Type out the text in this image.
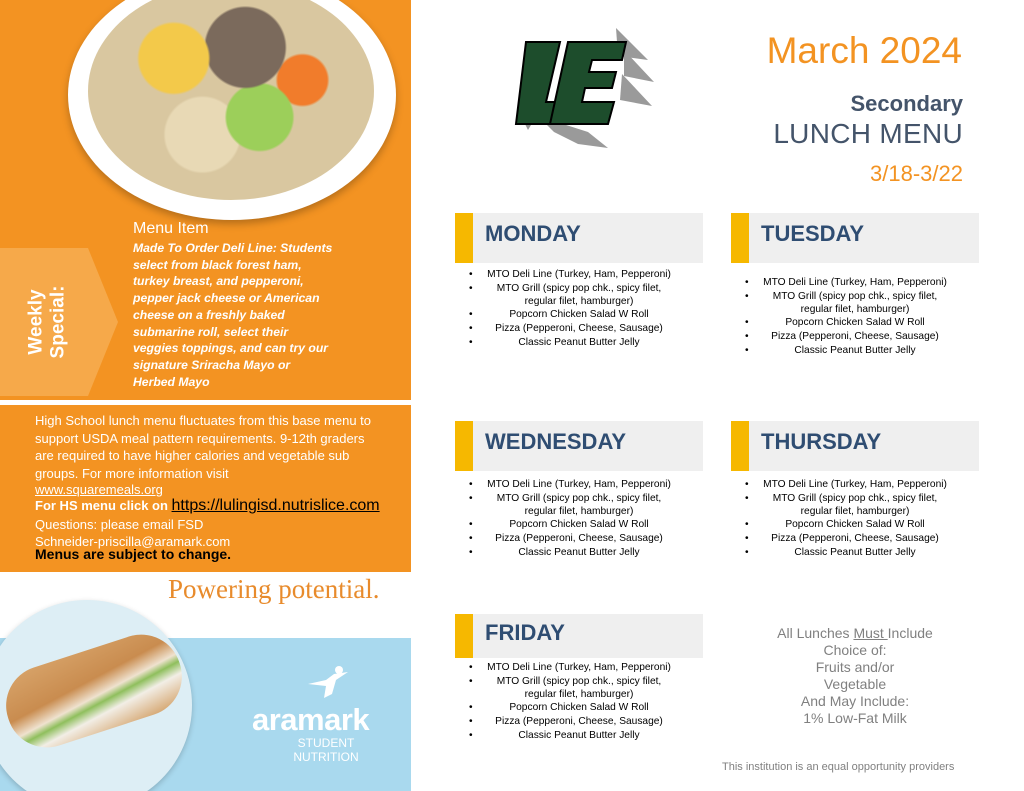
Weekly
Special:
Menu Item
Made To Order Deli Line: Students select from black forest ham, turkey breast, and pepperoni, pepper jack cheese or American cheese on a freshly baked submarine roll, select their veggies toppings, and can try our signature Sriracha Mayo or Herbed Mayo
High School lunch menu fluctuates from this base menu to support USDA meal pattern requirements. 9-12th graders are required to have higher calories and vegetable sub groups. For more information visit
www.squaremeals.org
For HS menu click on https://lulingisd.nutrislice.com
Questions: please email FSD
Schneider-priscilla@aramark.com
Menus are subject to change.
Powering potential.
aramark
STUDENT NUTRITION
March 2024
Secondary
LUNCH MENU
3/18-3/22
MONDAY
• MTO Deli Line (Turkey, Ham, Pepperoni)
• MTO Grill (spicy pop chk., spicy filet, regular filet, hamburger)
• Popcorn Chicken Salad W Roll
• Pizza (Pepperoni, Cheese, Sausage)
• Classic Peanut Butter Jelly
TUESDAY
• MTO Deli Line (Turkey, Ham, Pepperoni)
• MTO Grill (spicy pop chk., spicy filet, regular filet, hamburger)
• Popcorn Chicken Salad W Roll
• Pizza (Pepperoni, Cheese, Sausage)
• Classic Peanut Butter Jelly
WEDNESDAY
• MTO Deli Line (Turkey, Ham, Pepperoni)
• MTO Grill (spicy pop chk., spicy filet, regular filet, hamburger)
• Popcorn Chicken Salad W Roll
• Pizza (Pepperoni, Cheese, Sausage)
• Classic Peanut Butter Jelly
THURSDAY
• MTO Deli Line (Turkey, Ham, Pepperoni)
• MTO Grill (spicy pop chk., spicy filet, regular filet, hamburger)
• Popcorn Chicken Salad W Roll
• Pizza (Pepperoni, Cheese, Sausage)
• Classic Peanut Butter Jelly
FRIDAY
• MTO Deli Line (Turkey, Ham, Pepperoni)
• MTO Grill (spicy pop chk., spicy filet, regular filet, hamburger)
• Popcorn Chicken Salad W Roll
• Pizza (Pepperoni, Cheese, Sausage)
• Classic Peanut Butter Jelly
All Lunches Must Include
Choice of:
Fruits and/or
Vegetable
And May Include:
1% Low-Fat Milk
This institution is an equal opportunity providers
